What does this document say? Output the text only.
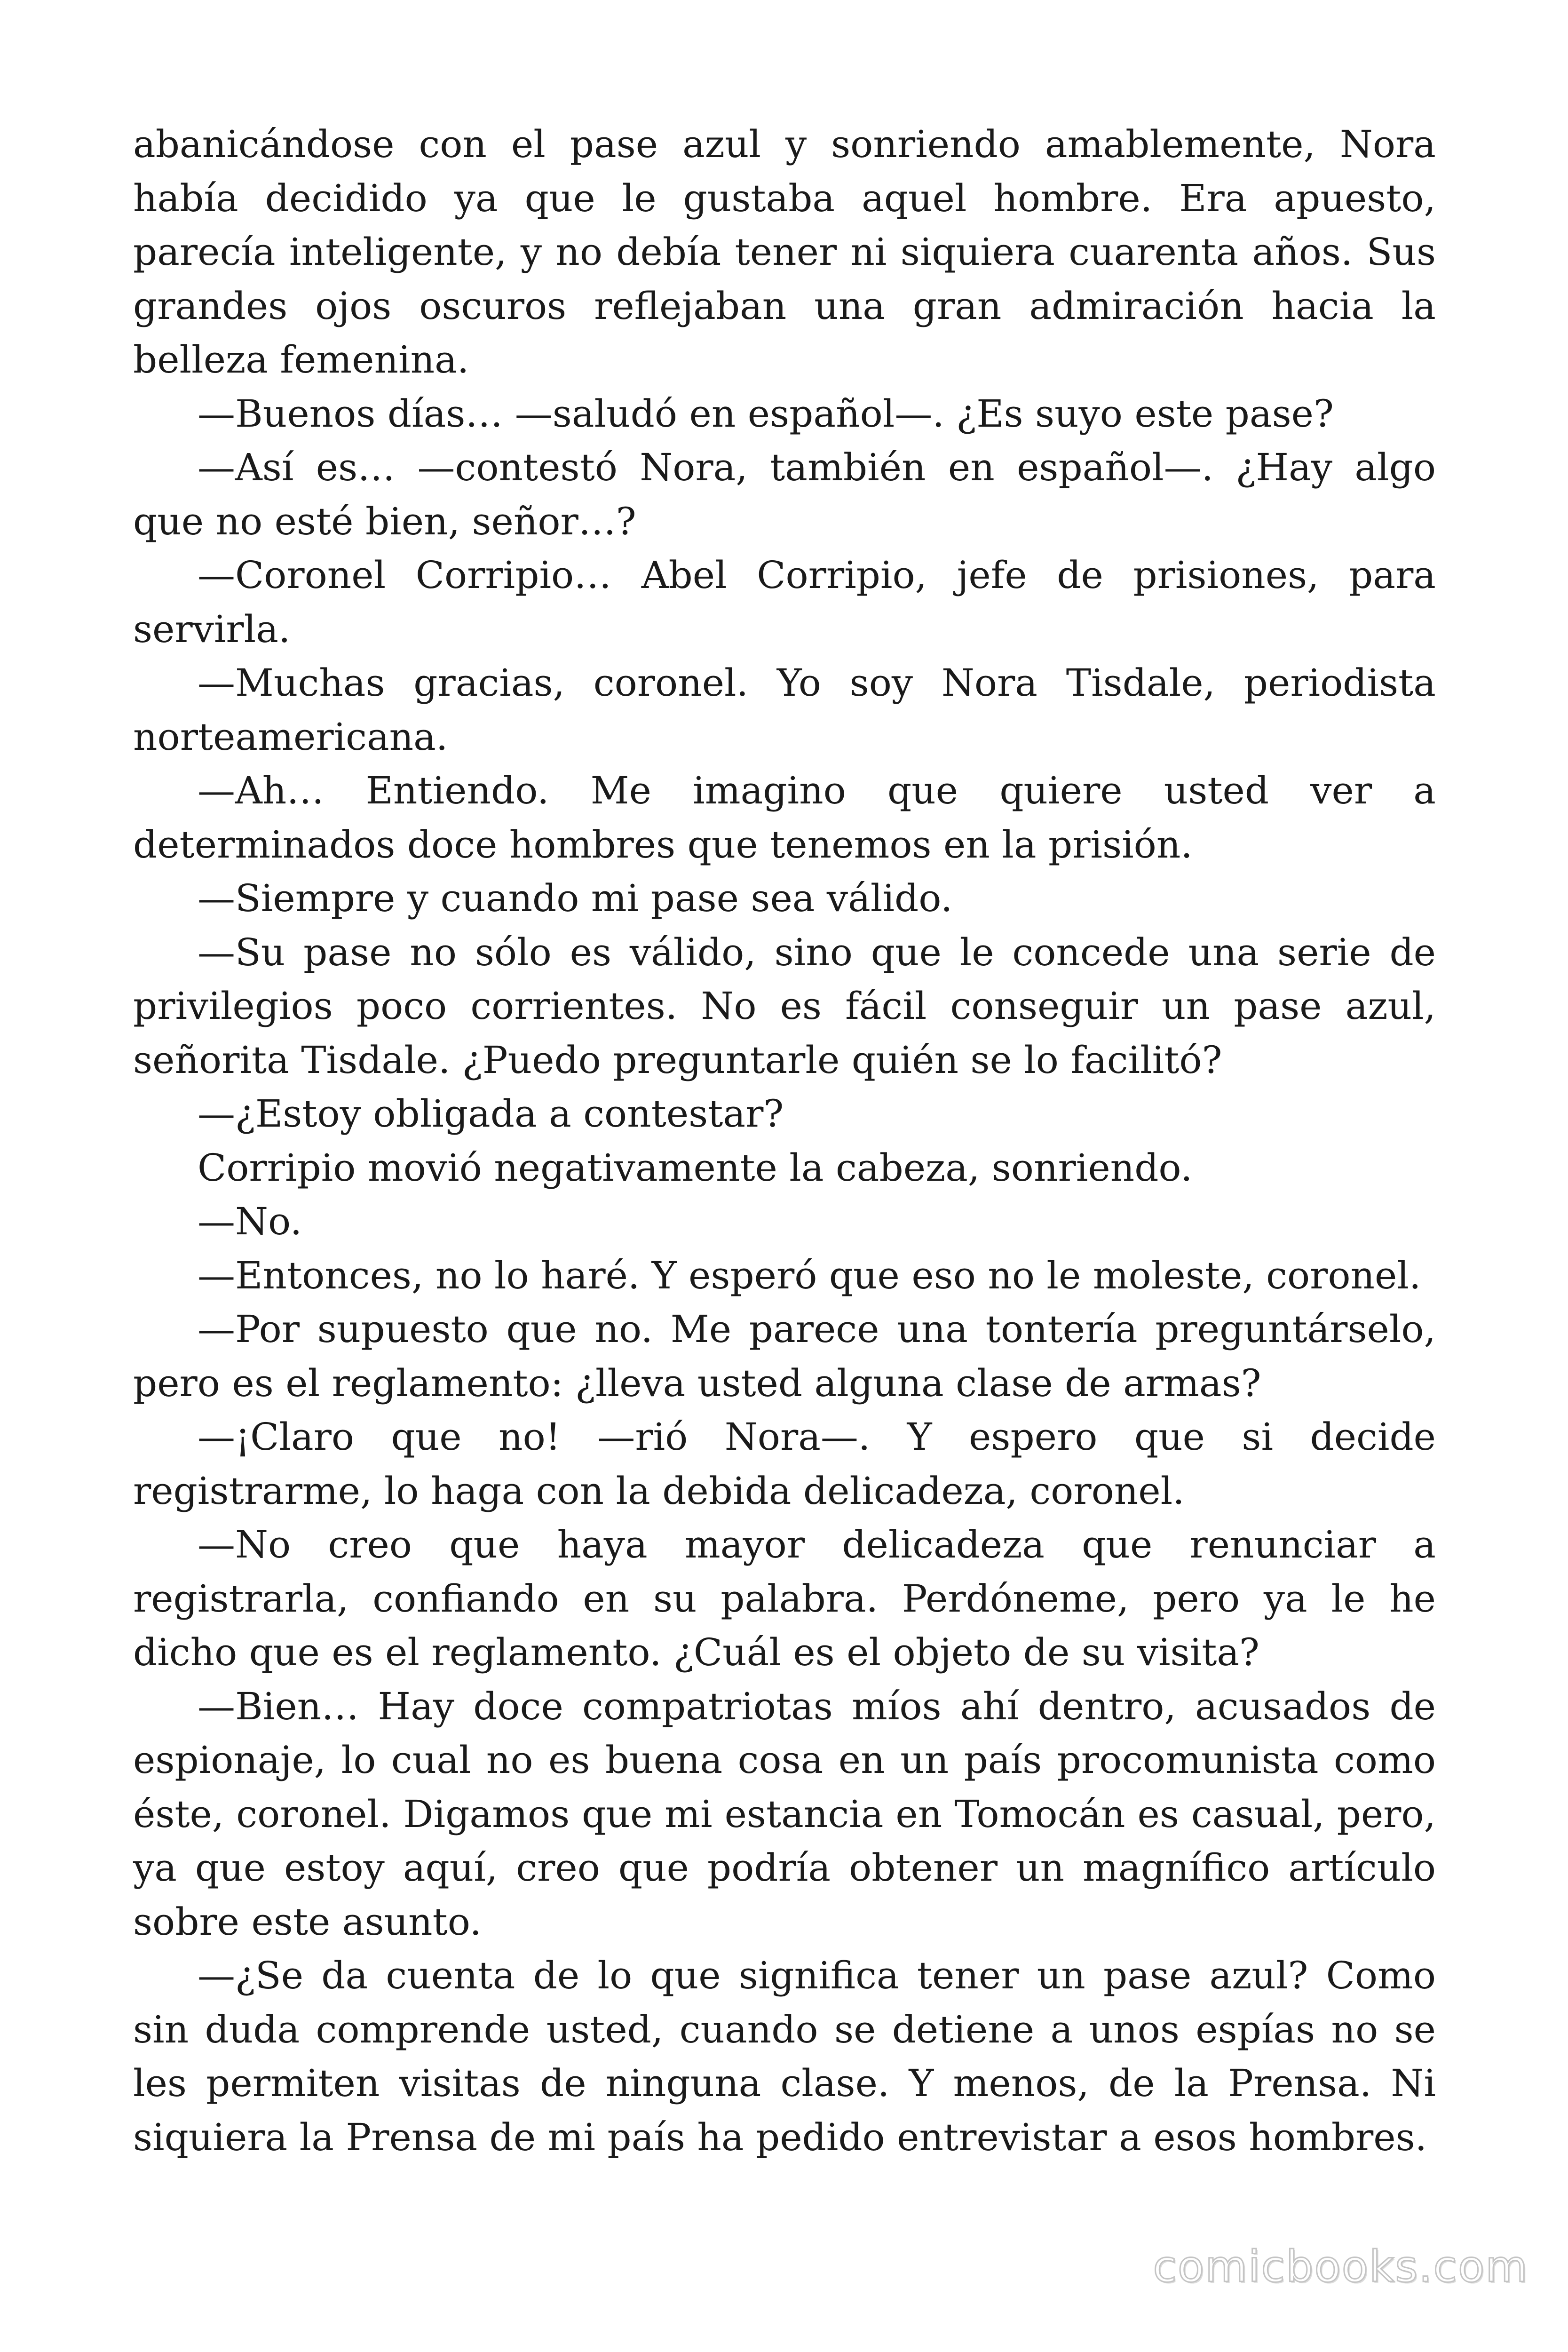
abanicándose con el pase azul y sonriendo amablemente, Nora había decidido ya que le gustaba aquel hombre. Era apuesto, parecía inteligente, y no debía tener ni siquiera cuarenta años. Sus grandes ojos oscuros reflejaban una gran admiración hacia la belleza femenina.

—Buenos días… —saludó en español—. ¿Es suyo este pase?

—Así es… —contestó Nora, también en español—. ¿Hay algo que no esté bien, señor…?

—Coronel Corripio… Abel Corripio, jefe de prisiones, para servirla.

—Muchas gracias, coronel. Yo soy Nora Tisdale, periodista norteamericana.

—Ah… Entiendo. Me imagino que quiere usted ver a determinados doce hombres que tenemos en la prisión.

—Siempre y cuando mi pase sea válido.

—Su pase no sólo es válido, sino que le concede una serie de privilegios poco corrientes. No es fácil conseguir un pase azul, señorita Tisdale. ¿Puedo preguntarle quién se lo facilitó?

—¿Estoy obligada a contestar?

Corripio movió negativamente la cabeza, sonriendo.

—No.

—Entonces, no lo haré. Y esperó que eso no le moleste, coronel.

—Por supuesto que no. Me parece una tontería preguntárselo, pero es el reglamento: ¿lleva usted alguna clase de armas?

—¡Claro que no! —rió Nora—. Y espero que si decide registrarme, lo haga con la debida delicadeza, coronel.

—No creo que haya mayor delicadeza que renunciar a registrarla, confiando en su palabra. Perdóneme, pero ya le he dicho que es el reglamento. ¿Cuál es el objeto de su visita?

—Bien… Hay doce compatriotas míos ahí dentro, acusados de espionaje, lo cual no es buena cosa en un país procomunista como éste, coronel. Digamos que mi estancia en Tomocán es casual, pero, ya que estoy aquí, creo que podría obtener un magnífico artículo sobre este asunto.

—¿Se da cuenta de lo que significa tener un pase azul? Como sin duda comprende usted, cuando se detiene a unos espías no se les permiten visitas de ninguna clase. Y menos, de la Prensa. Ni siquiera la Prensa de mi país ha pedido entrevistar a esos hombres.

comicbooks.com
